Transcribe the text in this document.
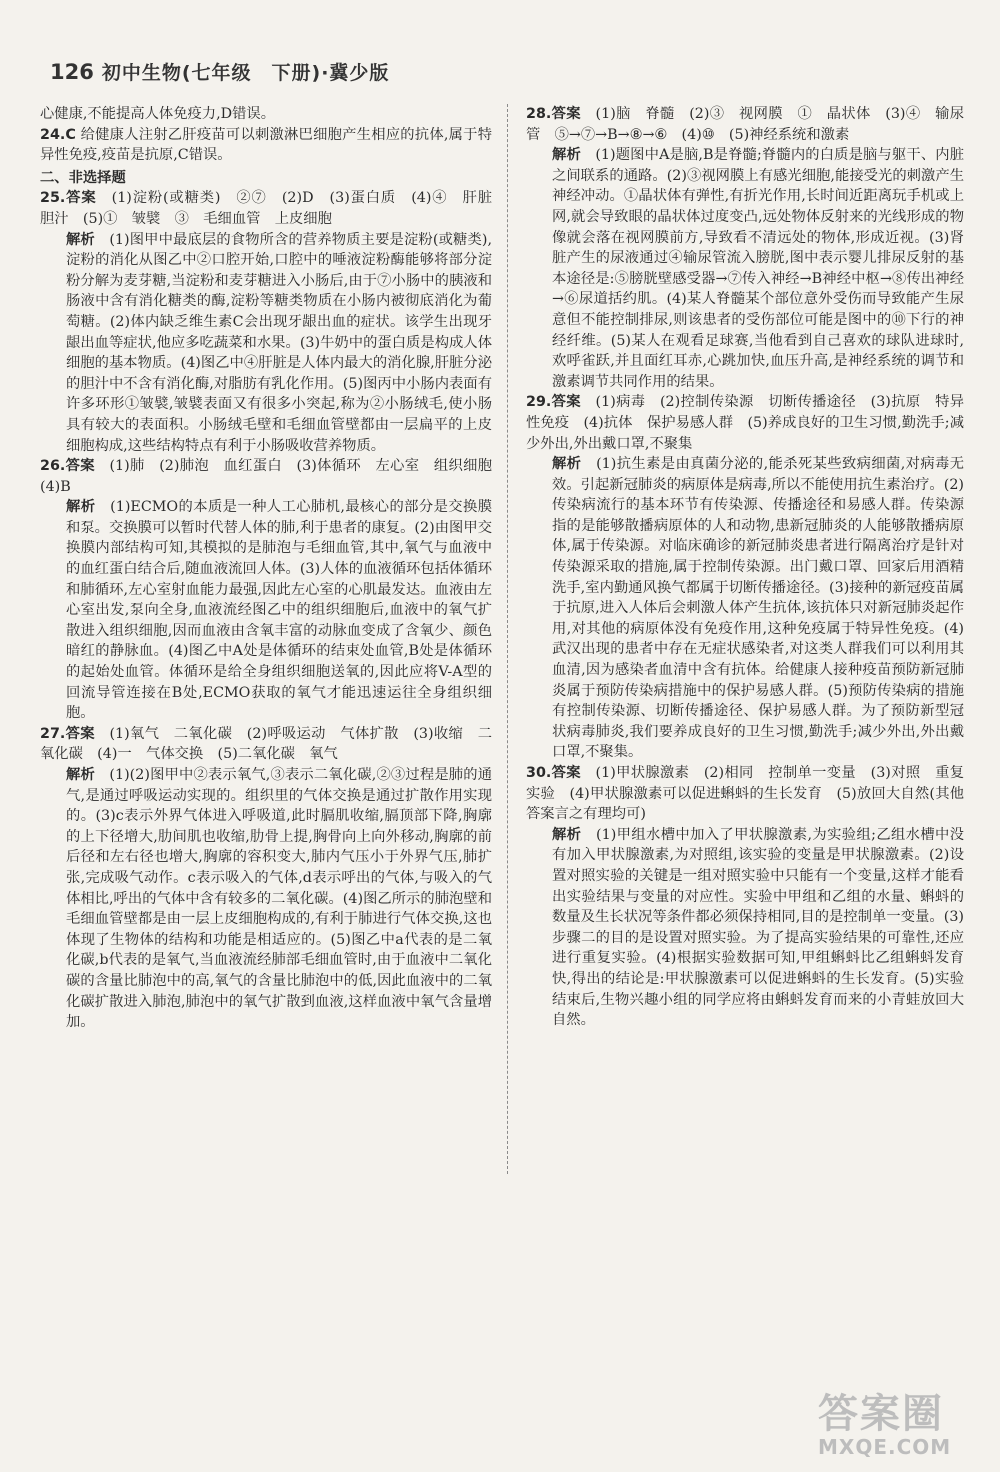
126 初中生物(七年级　下册)·冀少版

心健康,不能提高人体免疫力,D错误。

24.C 给健康人注射乙肝疫苗可以刺激淋巴细胞产生相应的抗体,属于特异性免疫,疫苗是抗原,C错误。

二、非选择题

25.答案　 (1)淀粉(或糖类)　②⑦　(2)D　(3)蛋白质　(4)④　肝脏　胆汁　(5)①　皱襞　③　毛细血管　上皮细胞

解析　 (1)图甲中最底层的食物所含的营养物质主要是淀粉(或糖类),淀粉的消化从图乙中②口腔开始,口腔中的唾液淀粉酶能够将部分淀粉分解为麦芽糖,当淀粉和麦芽糖进入小肠后,由于⑦小肠中的胰液和肠液中含有消化糖类的酶,淀粉等糖类物质在小肠内被彻底消化为葡萄糖。(2)体内缺乏维生素C会出现牙龈出血的症状。该学生出现牙龈出血等症状,他应多吃蔬菜和水果。(3)牛奶中的蛋白质是构成人体细胞的基本物质。(4)图乙中④肝脏是人体内最大的消化腺,肝脏分泌的胆汁中不含有消化酶,对脂肪有乳化作用。(5)图丙中小肠内表面有许多环形①皱襞,皱襞表面又有很多小突起,称为②小肠绒毛,使小肠具有较大的表面积。小肠绒毛壁和毛细血管壁都由一层扁平的上皮细胞构成,这些结构特点有利于小肠吸收营养物质。

26.答案　 (1)肺　(2)肺泡　血红蛋白　(3)体循环　左心室　组织细胞　(4)B

解析　 (1)ECMO的本质是一种人工心肺机,最核心的部分是交换膜和泵。交换膜可以暂时代替人体的肺,利于患者的康复。(2)由图甲交换膜内部结构可知,其模拟的是肺泡与毛细血管,其中,氧气与血液中的血红蛋白结合后,随血液流回人体。(3)人体的血液循环包括体循环和肺循环,左心室射血能力最强,因此左心室的心肌最发达。血液由左心室出发,泵向全身,血液流经图乙中的组织细胞后,血液中的氧气扩散进入组织细胞,因而血液由含氧丰富的动脉血变成了含氧少、颜色暗红的静脉血。(4)图乙中A处是体循环的结束处血管,B处是体循环的起始处血管。体循环是给全身组织细胞送氧的,因此应将V-A型的回流导管连接在B处,ECMO获取的氧气才能迅速运往全身组织细胞。

27.答案　 (1)氧气　二氧化碳　(2)呼吸运动　气体扩散　(3)收缩　二氧化碳　(4)一　气体交换　(5)二氧化碳　氧气

解析　 (1)(2)图甲中②表示氧气,③表示二氧化碳,②③过程是肺的通气,是通过呼吸运动实现的。组织里的气体交换是通过扩散作用实现的。(3)c表示外界气体进入呼吸道,此时膈肌收缩,膈顶部下降,胸廓的上下径增大,肋间肌也收缩,肋骨上提,胸骨向上向外移动,胸廓的前后径和左右径也增大,胸廓的容积变大,肺内气压小于外界气压,肺扩张,完成吸气动作。c表示吸入的气体,d表示呼出的气体,与吸入的气体相比,呼出的气体中含有较多的二氧化碳。(4)图乙所示的肺泡壁和毛细血管壁都是由一层上皮细胞构成的,有利于肺进行气体交换,这也体现了生物体的结构和功能是相适应的。(5)图乙中a代表的是二氧化碳,b代表的是氧气,当血液流经肺部毛细血管时,由于血液中二氧化碳的含量比肺泡中的高,氧气的含量比肺泡中的低,因此血液中的二氧化碳扩散进入肺泡,肺泡中的氧气扩散到血液,这样血液中氧气含量增加。

28.答案　 (1)脑　脊髓　(2)③　视网膜　①　晶状体　(3)④　输尿管　⑤→⑦→B→⑧→⑥　(4)⑩　(5)神经系统和激素

解析　 (1)题图中A是脑,B是脊髓;脊髓内的白质是脑与躯干、内脏之间联系的通路。(2)③视网膜上有感光细胞,能接受光的刺激产生神经冲动。①晶状体有弹性,有折光作用,长时间近距离玩手机或上网,就会导致眼的晶状体过度变凸,远处物体反射来的光线形成的物像就会落在视网膜前方,导致看不清远处的物体,形成近视。(3)肾脏产生的尿液通过④输尿管流入膀胱,图中表示婴儿排尿反射的基本途径是:⑤膀胱壁感受器→⑦传入神经→B神经中枢→⑧传出神经→⑥尿道括约肌。(4)某人脊髓某个部位意外受伤而导致能产生尿意但不能控制排尿,则该患者的受伤部位可能是图中的⑩下行的神经纤维。(5)某人在观看足球赛,当他看到自己喜欢的球队进球时,欢呼雀跃,并且面红耳赤,心跳加快,血压升高,是神经系统的调节和激素调节共同作用的结果。

29.答案　 (1)病毒　(2)控制传染源　切断传播途径　(3)抗原　特异性免疫　(4)抗体　保护易感人群　(5)养成良好的卫生习惯,勤洗手;减少外出,外出戴口罩,不聚集

解析　 (1)抗生素是由真菌分泌的,能杀死某些致病细菌,对病毒无效。引起新冠肺炎的病原体是病毒,所以不能使用抗生素治疗。(2)传染病流行的基本环节有传染源、传播途径和易感人群。传染源指的是能够散播病原体的人和动物,患新冠肺炎的人能够散播病原体,属于传染源。对临床确诊的新冠肺炎患者进行隔离治疗是针对传染源采取的措施,属于控制传染源。出门戴口罩、回家后用酒精洗手,室内勤通风换气都属于切断传播途径。(3)接种的新冠疫苗属于抗原,进入人体后会刺激人体产生抗体,该抗体只对新冠肺炎起作用,对其他的病原体没有免疫作用,这种免疫属于特异性免疫。(4)武汉出现的患者中存在无症状感染者,对这类人群我们可以利用其血清,因为感染者血清中含有抗体。给健康人接种疫苗预防新冠肺炎属于预防传染病措施中的保护易感人群。(5)预防传染病的措施有控制传染源、切断传播途径、保护易感人群。为了预防新型冠状病毒肺炎,我们要养成良好的卫生习惯,勤洗手;减少外出,外出戴口罩,不聚集。

30.答案　 (1)甲状腺激素　(2)相同　控制单一变量　(3)对照　重复实验　(4)甲状腺激素可以促进蝌蚪的生长发育　(5)放回大自然(其他答案言之有理均可)

解析　 (1)甲组水槽中加入了甲状腺激素,为实验组;乙组水槽中没有加入甲状腺激素,为对照组,该实验的变量是甲状腺激素。(2)设置对照实验的关键是一组对照实验中只能有一个变量,这样才能看出实验结果与变量的对应性。实验中甲组和乙组的水量、蝌蚪的数量及生长状况等条件都必须保持相同,目的是控制单一变量。(3)步骤二的目的是设置对照实验。为了提高实验结果的可靠性,还应进行重复实验。(4)根据实验数据可知,甲组蝌蚪比乙组蝌蚪发育快,得出的结论是:甲状腺激素可以促进蝌蚪的生长发育。(5)实验结束后,生物兴趣小组的同学应将由蝌蚪发育而来的小青蛙放回大自然。

答案圈
MXQE.COM
